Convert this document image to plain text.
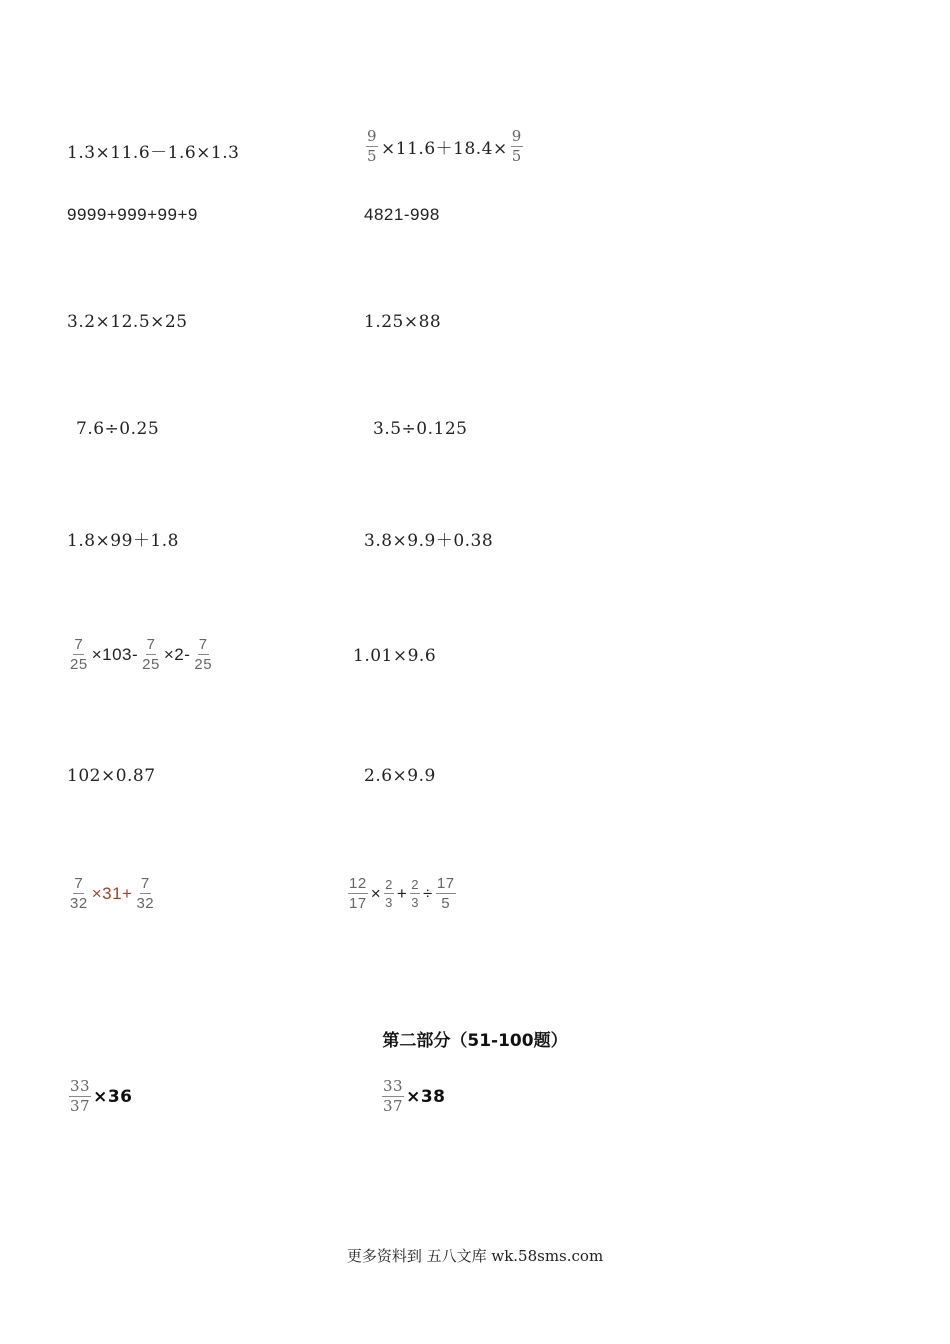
1.3×11.6－1.6×1.3	$\frac{9}{5} \times 11.6+18.4\times \frac{9}{5}$
9999+999+99+9	4821-998
3.2×12.5×25	1.25×88
7.6÷0.25	3.5÷0.125
1.8×99＋1.8	3.8×9.9＋0.38
$\frac{7}{25} \times 103- \frac{7}{25} \times 2- \frac{7}{25}$	1.01×9.6
102×0.87	2.6×9.9
$\frac{7}{32} \times 31+ \frac{7}{32}$	$\frac{12}{17} \times \frac{2}{3} + \frac{2}{3} \div \frac{17}{5}$
第二部分（51-100题）
$\frac{33}{37} \times 36$	$\frac{33}{37} \times 38$
更多资料到 五八文库 wk.58sms.com
